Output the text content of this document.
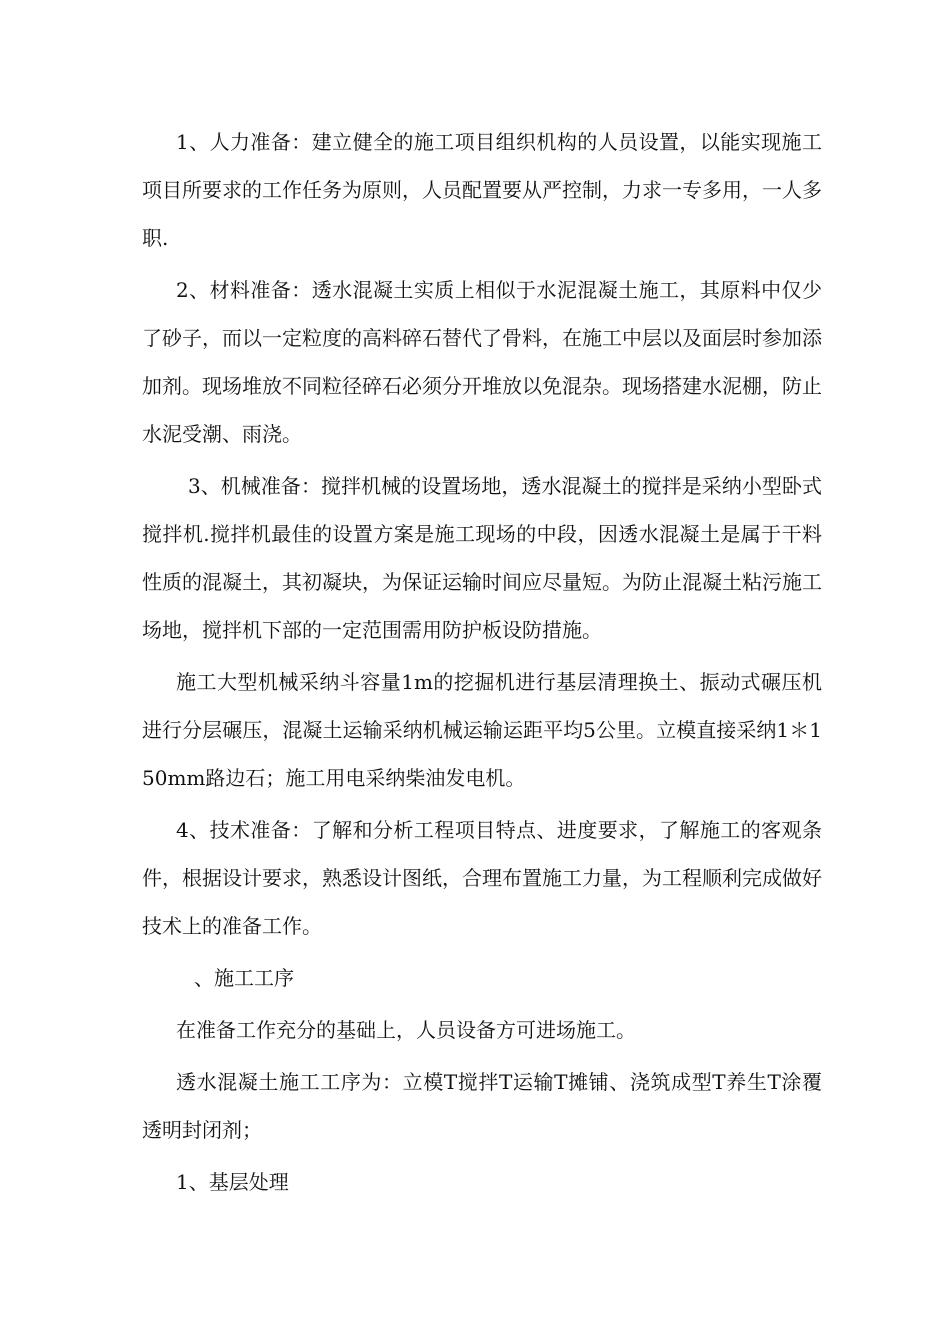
1、人力准备：建立健全的施工项目组织机构的人员设置，以能实现施工项目所要求的工作任务为原则，人员配置要从严控制，力求一专多用，一人多职.

2、材料准备：透水混凝土实质上相似于水泥混凝土施工，其原料中仅少了砂子，而以一定粒度的高料碎石替代了骨料，在施工中层以及面层时参加添加剂。现场堆放不同粒径碎石必须分开堆放以免混杂。现场搭建水泥棚，防止水泥受潮、雨浇。

3、机械准备：搅拌机械的设置场地，透水混凝土的搅拌是采纳小型卧式搅拌机.搅拌机最佳的设置方案是施工现场的中段，因透水混凝土是属于干料性质的混凝土，其初凝块，为保证运输时间应尽量短。为防止混凝土粘污施工场地，搅拌机下部的一定范围需用防护板设防措施。

施工大型机械采纳斗容量1m的挖掘机进行基层清理换土、振动式碾压机进行分层碾压，混凝土运输采纳机械运输运距平均5公里。立模直接采纳1＊150mm路边石；施工用电采纳柴油发电机。

4、技术准备：了解和分析工程项目特点、进度要求，了解施工的客观条件，根据设计要求，熟悉设计图纸，合理布置施工力量，为工程顺利完成做好技术上的准备工作。

、施工工序

在准备工作充分的基础上，人员设备方可进场施工。

透水混凝土施工工序为：立模T搅拌T运输T摊铺、浇筑成型T养生T涂覆透明封闭剂；

1、基层处理
